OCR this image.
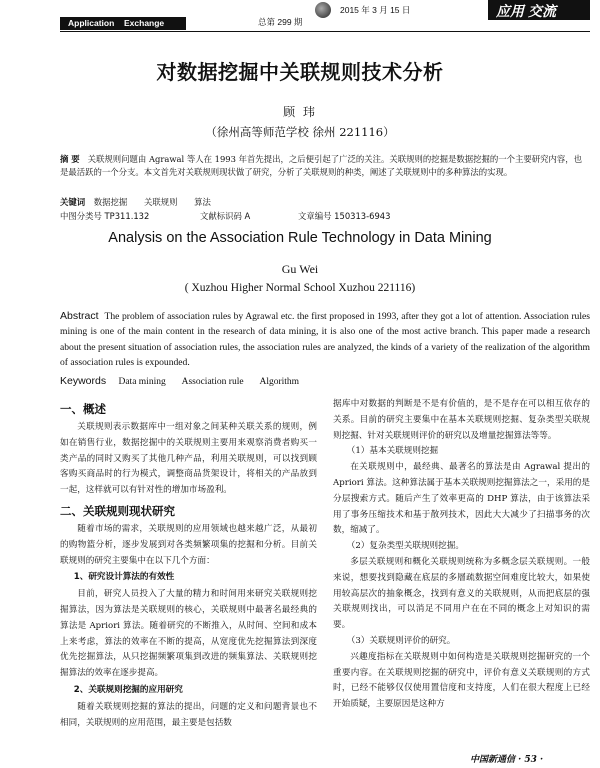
Application Exchange	总第 299 期
2015 年 3 月 15 日	应用 交流
对数据挖掘中关联规则技术分析
顾 玮
（徐州高等师范学校 徐州 221116）
摘 要 关联规则问题由 Agrawal 等人在 1993 年首先提出，之后便引起了广泛的关注。关联规则的挖掘是数据挖掘的一个主要研究内容，也是最活跃的一个分支。本文首先对关联规则现状做了研究，分析了关联规则的种类，阐述了关联规则中的多种算法的实现。
关键词 数据挖掘 关联规则 算法
中图分类号 TP311.132	文献标识码 A	文章编号 150313-6943
Analysis on the Association Rule Technology in Data Mining
Gu Wei
( Xuzhou Higher Normal School Xuzhou 221116)
Abstract The problem of association rules by Agrawal etc. the first proposed in 1993, after they got a lot of attention. Association rules mining is one of the main content in the research of data mining, it is also one of the most active branch. This paper made a research about the present situation of association rules, the association rules are analyzed, the kinds of a variety of the realization of the algorithm of association rules is expounded.
Keywords Data mining Association rule Algorithm
一、概述

关联规则表示数据库中一组对象之间某种关联关系的规则，例如在销售行业，数据挖掘中的关联规则主要用来观察消费者购买一类产品的同时又购买了其他几种产品，利用关联规则，可以找到顾客购买商品时的行为模式，调整商品货架设计，将相关的产品放到一起，这样就可以有针对性的增加市场盈利。

二、关联规则现状研究

随着市场的需求，关联规则的应用领域也越来越广泛，从最初的购物篮分析，逐步发展到对各类频繁项集的挖掘和分析。目前关联规则的研究主要集中在以下几个方面：

1、研究设计算法的有效性

目前，研究人员投入了大量的精力和时间用来研究关联规则挖掘算法，因为算法是关联规则的核心，关联规则中最著名最经典的算法是 Apriori 算法。随着研究的不断推入，从时间、空间和成本上来考虑，算法的效率在不断的提高，从宽度优先挖掘算法到深度优先挖掘算法，从只挖掘频繁项集到改进的频集算法、关联规则挖掘算法的效率在逐步提高。

2、关联规则挖掘的应用研究

随着关联规则挖掘的算法的提出，问题的定义和问题背景也不相同，关联规则的应用范围，最主要是包括数

据库中对数据的判断是不是有价值的，是不是存在可以相互依存的关系。目前的研究主要集中在基本关联规则挖掘、复杂类型关联规则挖掘、针对关联规则评价的研究以及增量挖掘算法等等。

（1）基本关联规则挖掘

在关联规则中，最经典、最著名的算法是由 Agrawal 提出的 Apriori 算法。这种算法属于基本关联规则挖掘算法之一，采用的是分层搜索方式。随后产生了效率更高的 DHP 算法，由于该算法采用了事务压缩技术和基于散列技术，因此大大减少了扫描事务的次数，缩减了。

（2）复杂类型关联规则挖掘。

多层关联规则和概化关联规则统称为多概念层关联规则。一般来说，想要找到隐藏在底层的多層疏数据空间难度比较大，如果使用较高层次的抽象概念，找到有意义的关联规则，从而把底层的强关联规则找出，可以消足不同用户在在不同的概念上对知识的需要。

（3）关联规则评价的研究。

兴趣度指标在关联规则中如何构造是关联规则挖掘研究的一个重要内容。在关联规则挖掘的研究中，评价有意义关联规则的方式时，已经不能够仅仅使用置信度和支持度，人们在很大程度上已经开始质疑，主要原因是这种方

中国新通信 · 53 ·
